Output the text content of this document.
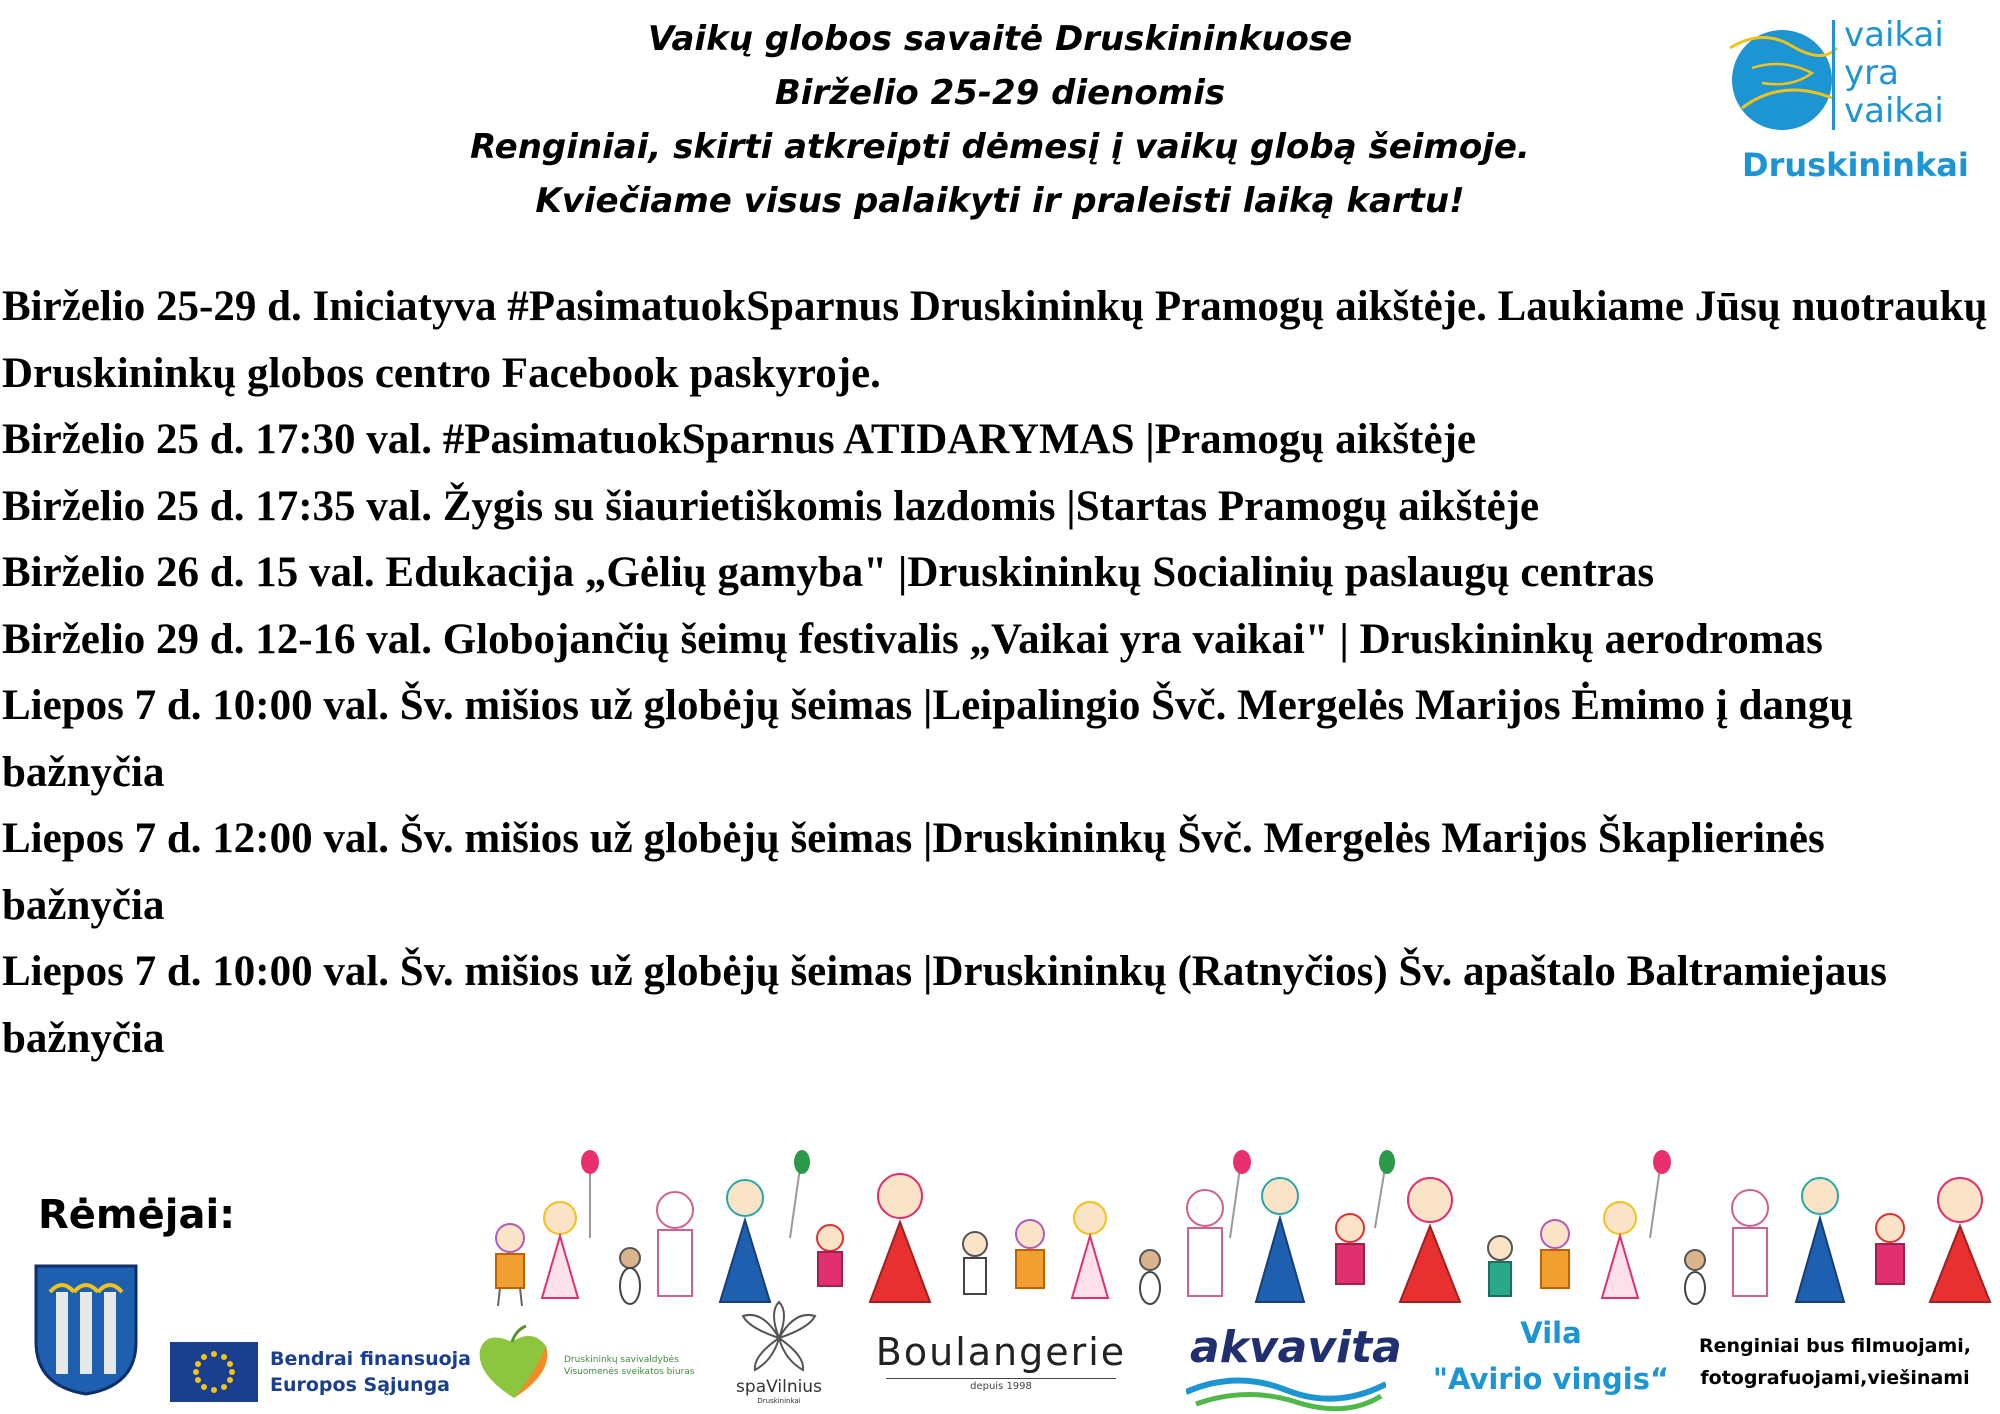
Vaikų globos savaitė Druskininkuose
Birželio 25-29 dienomis
Renginiai, skirti atkreipti dėmesį į vaikų globą šeimoje.
Kviečiame visus palaikyti ir praleisti laiką kartu!
vaikai
yra
vaikai
Druskininkai

Birželio 25-29 d. Iniciatyva #PasimatuokSparnus Druskininkų Pramogų aikštėje. Laukiame Jūsų nuotraukų Druskininkų globos centro Facebook paskyroje.

Birželio 25 d. 17:30 val. #PasimatuokSparnus ATIDARYMAS |Pramogų aikštėje

Birželio 25 d. 17:35 val. Žygis su šiaurietiškomis lazdomis |Startas Pramogų aikštėje

Birželio 26 d. 15 val. Edukacija „Gėlių gamyba" |Druskininkų Socialinių paslaugų centras

Birželio 29 d. 12-16 val. Globojančių šeimų festivalis „Vaikai yra vaikai" | Druskininkų aerodromas

Liepos 7 d. 10:00 val. Šv. mišios už globėjų šeimas |Leipalingio Švč. Mergelės Marijos Ėmimo į dangų bažnyčia

Liepos 7 d. 12:00 val. Šv. mišios už globėjų šeimas |Druskininkų Švč. Mergelės Marijos Škaplierinės bažnyčia

Liepos 7 d. 10:00 val. Šv. mišios už globėjų šeimas |Druskininkų (Ratnyčios) Šv. apaštalo Baltramiejaus bažnyčia

Rėmėjai:
Bendrai finansuoja
Europos Sąjunga
Druskininkų savivaldybės
Visuomenės sveikatos biuras
spaVilnius
Druskininkai
Boulangerie
depuis 1998
akvavita	Vila
"Avirio vingis“
Renginiai bus filmuojami,
fotografuojami,viešinami
